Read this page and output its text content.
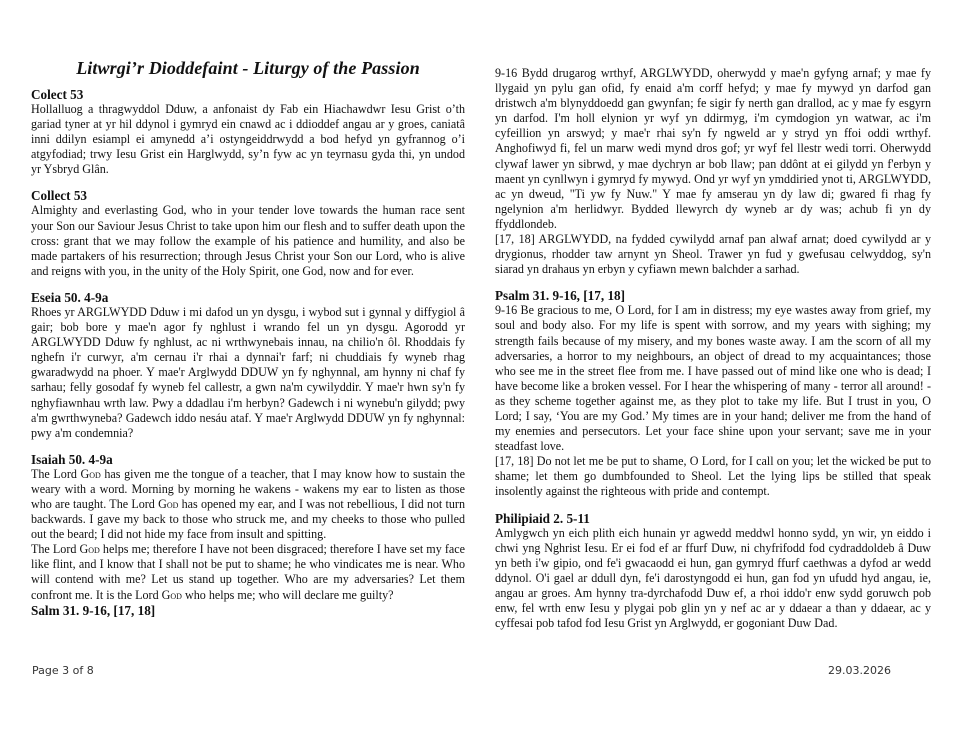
Litwrgi’r Dioddefaint - Liturgy of the Passion
Colect 53

Hollalluog a thragwyddol Dduw, a anfonaist dy Fab ein Hiachawdwr Iesu Grist o’th gariad tyner at yr hil ddynol i gymryd ein cnawd ac i ddioddef angau ar y groes, caniatâ inni ddilyn esiampl ei amynedd a’i ostyngeiddrwydd a bod hefyd yn gyfrannog o’i atgyfodiad; trwy Iesu Grist ein Harglwydd, sy’n fyw ac yn teyrnasu gyda thi, yn undod yr Ysbryd Glân.

Collect 53

Almighty and everlasting God, who in your tender love towards the human race sent your Son our Saviour Jesus Christ to take upon him our flesh and to suffer death upon the cross: grant that we may follow the example of his patience and humility, and also be made partakers of his resurrection; through Jesus Christ your Son our Lord, who is alive and reigns with you, in the unity of the Holy Spirit, one God, now and for ever.

Eseia 50. 4-9a

Rhoes yr ARGLWYDD Dduw i mi dafod un yn dysgu, i wybod sut i gynnal y diffygiol â gair; bob bore y mae'n agor fy nghlust i wrando fel un yn dysgu. Agorodd yr ARGLWYDD Dduw fy nghlust, ac ni wrthwynebais innau, na chilio'n ôl. Rhoddais fy nghefn i'r curwyr, a'm cernau i'r rhai a dynnai'r farf; ni chuddiais fy wyneb rhag gwaradwydd na phoer. Y mae'r Arglwydd DDUW yn fy nghynnal, am hynny ni chaf fy sarhau; felly gosodaf fy wyneb fel callestr, a gwn na'm cywilyddir. Y mae'r hwn sy'n fy nghyfiawnhau wrth law. Pwy a ddadlau i'm herbyn? Gadewch i ni wynebu'n gilydd; pwy a'm gwrthwyneba? Gadewch iddo nesáu ataf. Y mae'r Arglwydd DDUW yn fy nghynnal: pwy a'm condemnia?

Isaiah 50. 4-9a

The Lord God has given me the tongue of a teacher, that I may know how to sustain the weary with a word. Morning by morning he wakens - wakens my ear to listen as those who are taught. The Lord God has opened my ear, and I was not rebellious, I did not turn backwards. I gave my back to those who struck me, and my cheeks to those who pulled out the beard; I did not hide my face from insult and spitting.

The Lord God helps me; therefore I have not been disgraced; therefore I have set my face like flint, and I know that I shall not be put to shame; he who vindicates me is near. Who will contend with me? Let us stand up together. Who are my adversaries? Let them confront me. It is the Lord God who helps me; who will declare me guilty?

Salm 31. 9-16, [17, 18]

9-16 Bydd drugarog wrthyf, ARGLWYDD, oherwydd y mae'n gyfyng arnaf; y mae fy llygaid yn pylu gan ofid, fy enaid a'm corff hefyd; y mae fy mywyd yn darfod gan dristwch a'm blynyddoedd gan gwynfan; fe sigir fy nerth gan drallod, ac y mae fy esgyrn yn darfod. I'm holl elynion yr wyf yn ddirmyg, i'm cymdogion yn watwar, ac i'm cyfeillion yn arswyd; y mae'r rhai sy'n fy ngweld ar y stryd yn ffoi oddi wrthyf. Anghofiwyd fi, fel un marw wedi mynd dros gof; yr wyf fel llestr wedi torri. Oherwydd clywaf lawer yn sibrwd, y mae dychryn ar bob llaw; pan ddônt at ei gilydd yn f'erbyn y maent yn cynllwyn i gymryd fy mywyd. Ond yr wyf yn ymddiried ynot ti, ARGLWYDD, ac yn dweud, "Ti yw fy Nuw." Y mae fy amserau yn dy law di; gwared fi rhag fy ngelynion a'm herlidwyr. Bydded llewyrch dy wyneb ar dy was; achub fi yn dy ffyddlondeb.

[17, 18] ARGLWYDD, na fydded cywilydd arnaf pan alwaf arnat; doed cywilydd ar y drygionus, rhodder taw arnynt yn Sheol. Trawer yn fud y gwefusau celwyddog, sy'n siarad yn drahaus yn erbyn y cyfiawn mewn balchder a sarhad.

Psalm 31. 9-16, [17, 18]

9-16 Be gracious to me, O Lord, for I am in distress; my eye wastes away from grief, my soul and body also. For my life is spent with sorrow, and my years with sighing; my strength fails because of my misery, and my bones waste away. I am the scorn of all my adversaries, a horror to my neighbours, an object of dread to my acquaintances; those who see me in the street flee from me. I have passed out of mind like one who is dead; I have become like a broken vessel. For I hear the whispering of many - terror all around! - as they scheme together against me, as they plot to take my life. But I trust in you, O Lord; I say, ‘You are my God.’ My times are in your hand; deliver me from the hand of my enemies and persecutors. Let your face shine upon your servant; save me in your steadfast love.

[17, 18] Do not let me be put to shame, O Lord, for I call on you; let the wicked be put to shame; let them go dumbfounded to Sheol. Let the lying lips be stilled that speak insolently against the righteous with pride and contempt.

Philipiaid 2. 5-11

Amlygwch yn eich plith eich hunain yr agwedd meddwl honno sydd, yn wir, yn eiddo i chwi yng Nghrist Iesu. Er ei fod ef ar ffurf Duw, ni chyfrifodd fod cydraddoldeb â Duw yn beth i'w gipio, ond fe'i gwacaodd ei hun, gan gymryd ffurf caethwas a dyfod ar wedd ddynol. O'i gael ar ddull dyn, fe'i darostyngodd ei hun, gan fod yn ufudd hyd angau, ie, angau ar groes. Am hynny tra-dyrchafodd Duw ef, a rhoi iddo'r enw sydd goruwch pob enw, fel wrth enw Iesu y plygai pob glin yn y nef ac ar y ddaear a than y ddaear, ac y cyffesai pob tafod fod Iesu Grist yn Arglwydd, er gogoniant Duw Dad.

Page 3 of 8	29.03.2026
